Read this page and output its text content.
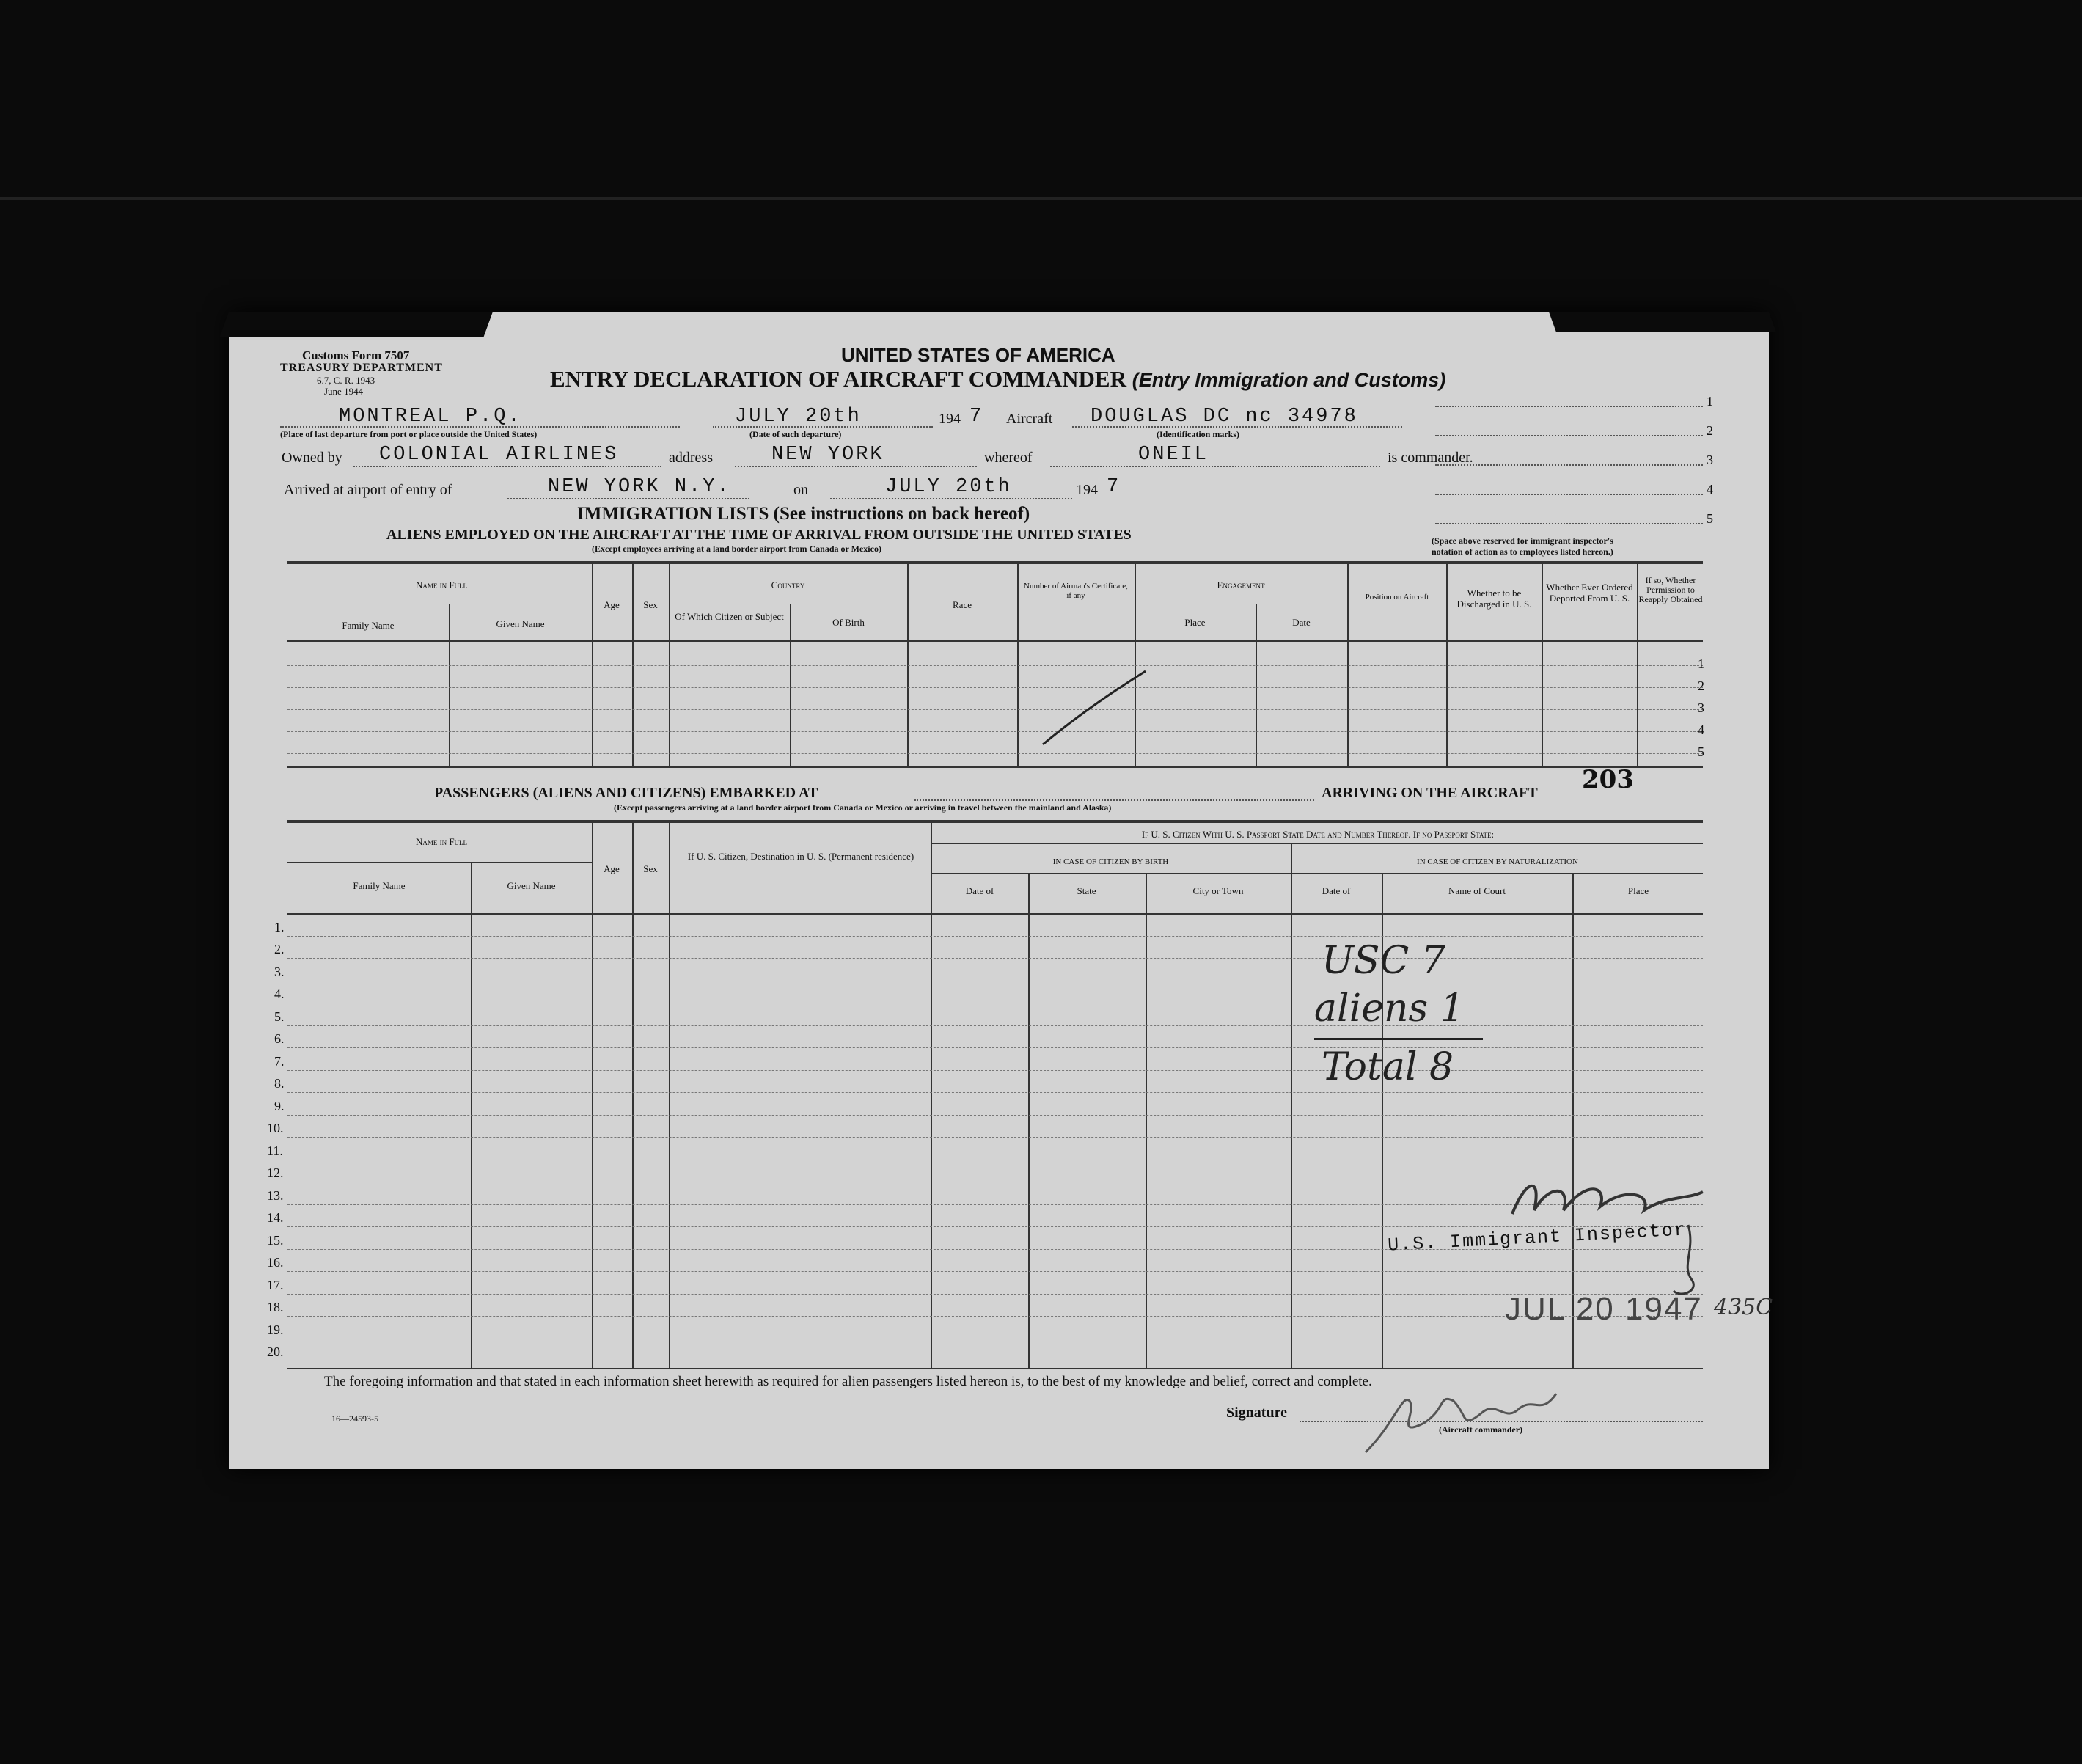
Customs Form 7507
TREASURY DEPARTMENT
6.7, C. R. 1943
June 1944
UNITED STATES OF AMERICA
ENTRY DECLARATION OF AIRCRAFT COMMANDER (Entry Immigration and Customs)
1
2
3
4
5
(Space above reserved for immigrant inspector's
notation of action as to employees listed hereon.)
MONTREAL P.Q.
(Place of last departure from port or place outside the United States)
JULY 20th
(Date of such departure)
194 7 Aircraft DOUGLAS DC nc 34978
(Identification marks)
Owned by COLONIAL AIRLINES	address	NEW YORK	whereof	ONEIL	is commander.
Arrived at airport of entry of	NEW YORK N.Y.	on	JULY 20th	194 7
IMMIGRATION LISTS (See instructions on back hereof)
ALIENS EMPLOYED ON THE AIRCRAFT AT THE TIME OF ARRIVAL FROM OUTSIDE THE UNITED STATES
(Except employees arriving at a land border airport from Canada or Mexico)
Name in Full
Family Name	Given Name
Age	Sex
Country
Of Which Citizen or Subject
Of Birth
Race
Number of Airman's Certificate, if any
Engagement
Place	Date
Position on Aircraft	Whether to be Discharged in U. S.
Whether Ever Ordered Deported From U. S.
If so, Whether Permission to Reapply Obtained
1
2
3
4
5
PASSENGERS (ALIENS AND CITIZENS) EMBARKED AT	ARRIVING ON THE AIRCRAFT 203
(Except passengers arriving at a land border airport from Canada or Mexico or arriving in travel between the mainland and Alaska)
Name in Full
Family Name	Given Name
Age	Sex
If U. S. Citizen, Destination in U. S. (Permanent residence)
If U. S. Citizen With U. S. Passport State Date and Number Thereof. If no Passport State:
IN CASE OF CITIZEN BY BIRTH	IN CASE OF CITIZEN BY NATURALIZATION
Date of	State	City or Town	Date of	Name of Court	Place
1.
2.
3.
4.
5.
6.
7.
8.
9.
10.
11.
12.
13.
14.
15.
16.
17.
18.
19.
20.
USC 7
aliens 1
Total 8
U.S. Immigrant Inspector
JUL 20 1947 435C
The foregoing information and that stated in each information sheet herewith as required for alien passengers listed hereon is, to the best of my knowledge and belief, correct and complete.
16—24593-5	Signature
(Aircraft commander)
